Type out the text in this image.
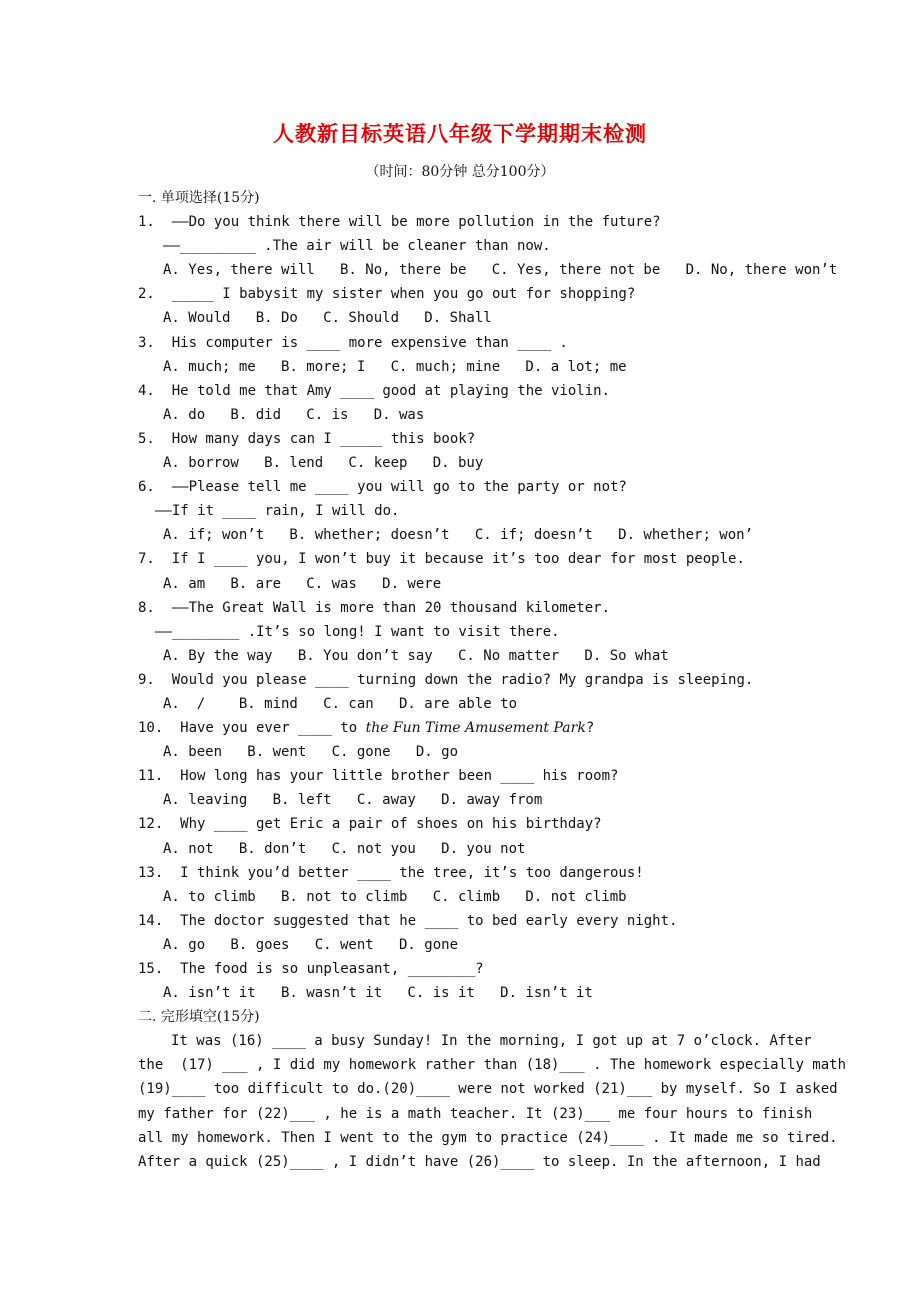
人教新目标英语八年级下学期期末检测
（时间：80分钟 总分100分）
一. 单项选择(15分)
1.  ——Do you think there will be more pollution in the future?
——_________ .The air will be cleaner than now.
A. Yes, there will   B. No, there be   C. Yes, there not be   D. No, there won’t
2.  _____ I babysit my sister when you go out for shopping?
A. Would   B. Do   C. Should   D. Shall
3.  His computer is ____ more expensive than ____ .
A. much; me   B. more; I   C. much; mine   D. a lot; me
4.  He told me that Amy ____ good at playing the violin.
A. do   B. did   C. is   D. was
5.  How many days can I _____ this book?
A. borrow   B. lend   C. keep   D. buy
6.  ——Please tell me ____ you will go to the party or not?
——If it ____ rain, I will do.
A. if; won’t   B. whether; doesn’t   C. if; doesn’t   D. whether; won’
7.  If I ____ you, I won’t buy it because it’s too dear for most people.
A. am   B. are   C. was   D. were
8.  ——The Great Wall is more than 20 thousand kilometer.
——________ .It’s so long! I want to visit there.
A. By the way   B. You don’t say   C. No matter   D. So what
9.  Would you please ____ turning down the radio? My grandpa is sleeping.
A.  /    B. mind   C. can   D. are able to
10.  Have you ever ____ to the Fun Time Amusement Park?
A. been   B. went   C. gone   D. go
11.  How long has your little brother been ____ his room?
A. leaving   B. left   C. away   D. away from
12.  Why ____ get Eric a pair of shoes on his birthday?
A. not   B. don’t   C. not you   D. you not
13.  I think you’d better ____ the tree, it’s too dangerous!
A. to climb   B. not to climb   C. climb   D. not climb
14.  The doctor suggested that he ____ to bed early every night.
A. go   B. goes   C. went   D. gone
15.  The food is so unpleasant, ________?
A. isn’t it   B. wasn’t it   C. is it   D. isn’t it
二. 完形填空(15分)
It was (16) ____ a busy Sunday! In the morning, I got up at 7 o’clock. After
the  (17) ___ , I did my homework rather than (18)___ . The homework especially math
(19)____ too difficult to do.(20)____ were not worked (21)___ by myself. So I asked
my father for (22)___ , he is a math teacher. It (23)___ me four hours to finish
all my homework. Then I went to the gym to practice (24)____ . It made me so tired.
After a quick (25)____ , I didn’t have (26)____ to sleep. In the afternoon, I had
